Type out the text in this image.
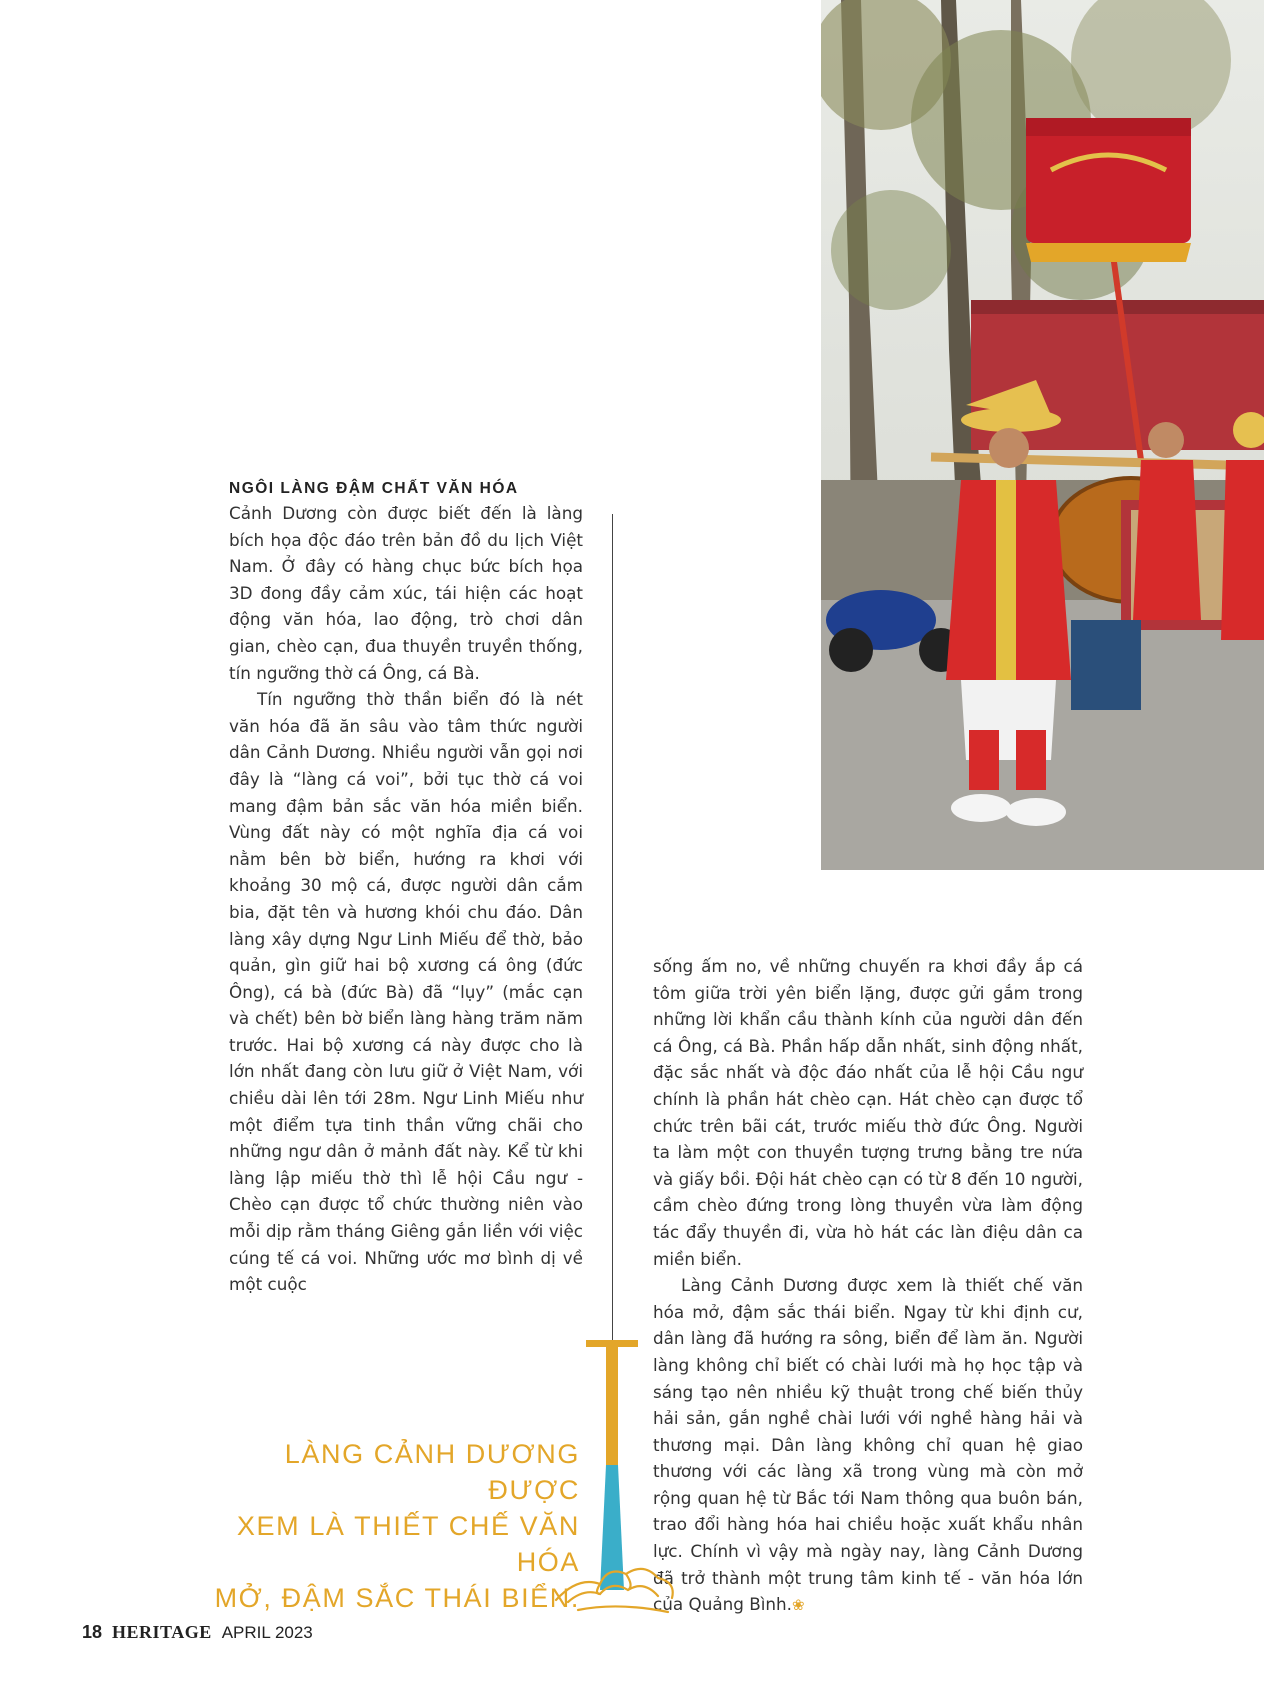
NGÔI LÀNG ĐẬM CHẤT VĂN HÓA

Cảnh Dương còn được biết đến là làng bích họa độc đáo trên bản đồ du lịch Việt Nam. Ở đây có hàng chục bức bích họa 3D đong đầy cảm xúc, tái hiện các hoạt động văn hóa, lao động, trò chơi dân gian, chèo cạn, đua thuyền truyền thống, tín ngưỡng thờ cá Ông, cá Bà.

Tín ngưỡng thờ thần biển đó là nét văn hóa đã ăn sâu vào tâm thức người dân Cảnh Dương. Nhiều người vẫn gọi nơi đây là “làng cá voi”, bởi tục thờ cá voi mang đậm bản sắc văn hóa miền biển. Vùng đất này có một nghĩa địa cá voi nằm bên bờ biển, hướng ra khơi với khoảng 30 mộ cá, được người dân cắm bia, đặt tên và hương khói chu đáo. Dân làng xây dựng Ngư Linh Miếu để thờ, bảo quản, gìn giữ hai bộ xương cá ông (đức Ông), cá bà (đức Bà) đã “lụy” (mắc cạn và chết) bên bờ biển làng hàng trăm năm trước. Hai bộ xương cá này được cho là lớn nhất đang còn lưu giữ ở Việt Nam, với chiều dài lên tới 28m. Ngư Linh Miếu như một điểm tựa tinh thần vững chãi cho những ngư dân ở mảnh đất này. Kể từ khi làng lập miếu thờ thì lễ hội Cầu ngư - Chèo cạn được tổ chức thường niên vào mỗi dịp rằm tháng Giêng gắn liền với việc cúng tế cá voi. Những ước mơ bình dị về một cuộc

sống ấm no, về những chuyến ra khơi đầy ắp cá tôm giữa trời yên biển lặng, được gửi gắm trong những lời khẩn cầu thành kính của người dân đến cá Ông, cá Bà. Phần hấp dẫn nhất, sinh động nhất, đặc sắc nhất và độc đáo nhất của lễ hội Cầu ngư chính là phần hát chèo cạn. Hát chèo cạn được tổ chức trên bãi cát, trước miếu thờ đức Ông. Người ta làm một con thuyền tượng trưng bằng tre nứa và giấy bồi. Đội hát chèo cạn có từ 8 đến 10 người, cầm chèo đứng trong lòng thuyền vừa làm động tác đẩy thuyền đi, vừa hò hát các làn điệu dân ca miền biển.

Làng Cảnh Dương được xem là thiết chế văn hóa mở, đậm sắc thái biển. Ngay từ khi định cư, dân làng đã hướng ra sông, biển để làm ăn. Người làng không chỉ biết có chài lưới mà họ học tập và sáng tạo nên nhiều kỹ thuật trong chế biến thủy hải sản, gắn nghề chài lưới với nghề hàng hải và thương mại. Dân làng không chỉ quan hệ giao thương với các làng xã trong vùng mà còn mở rộng quan hệ từ Bắc tới Nam thông qua buôn bán, trao đổi hàng hóa hai chiều hoặc xuất khẩu nhân lực. Chính vì vậy mà ngày nay, làng Cảnh Dương đã trở thành một trung tâm kinh tế - văn hóa lớn của Quảng Bình.❀

LÀNG CẢNH DƯƠNG ĐƯỢC
XEM LÀ THIẾT CHẾ VĂN HÓA
MỞ, ĐẬM SẮC THÁI BIỂN.
18 HERITAGE APRIL 2023
